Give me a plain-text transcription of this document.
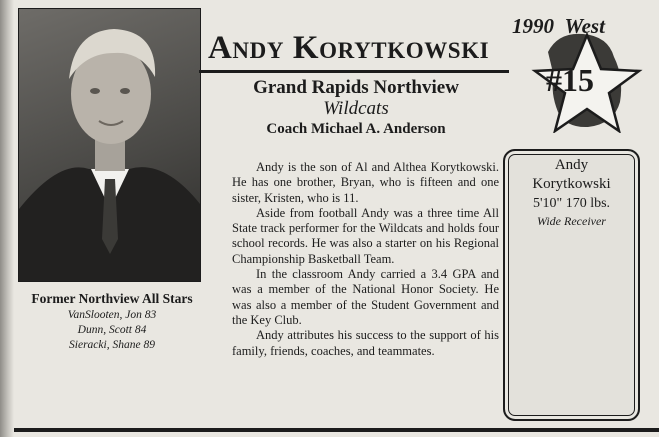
Former Northview All Stars
VanSlooten, Jon 83
Dunn, Scott 84
Sieracki, Shane 89
Andy Korytkowski
1990 West
#15
Grand Rapids Northview
Wildcats
Coach Michael A. Anderson

Andy is the son of Al and Althea Korytkowski. He has one brother, Bryan, who is fifteen and one sister, Kristen, who is 11.

Aside from football Andy was a three time All State track performer for the Wildcats and holds four school records. He was also a starter on his Regional Championship Basketball Team.

In the classroom Andy carried a 3.4 GPA and was a member of the National Honor Society. He was also a member of the Student Government and the Key Club.

Andy attributes his success to the support of his family, friends, coaches, and teammates.

Andy
Korytkowski
5'10" 170 lbs.
Wide Receiver
